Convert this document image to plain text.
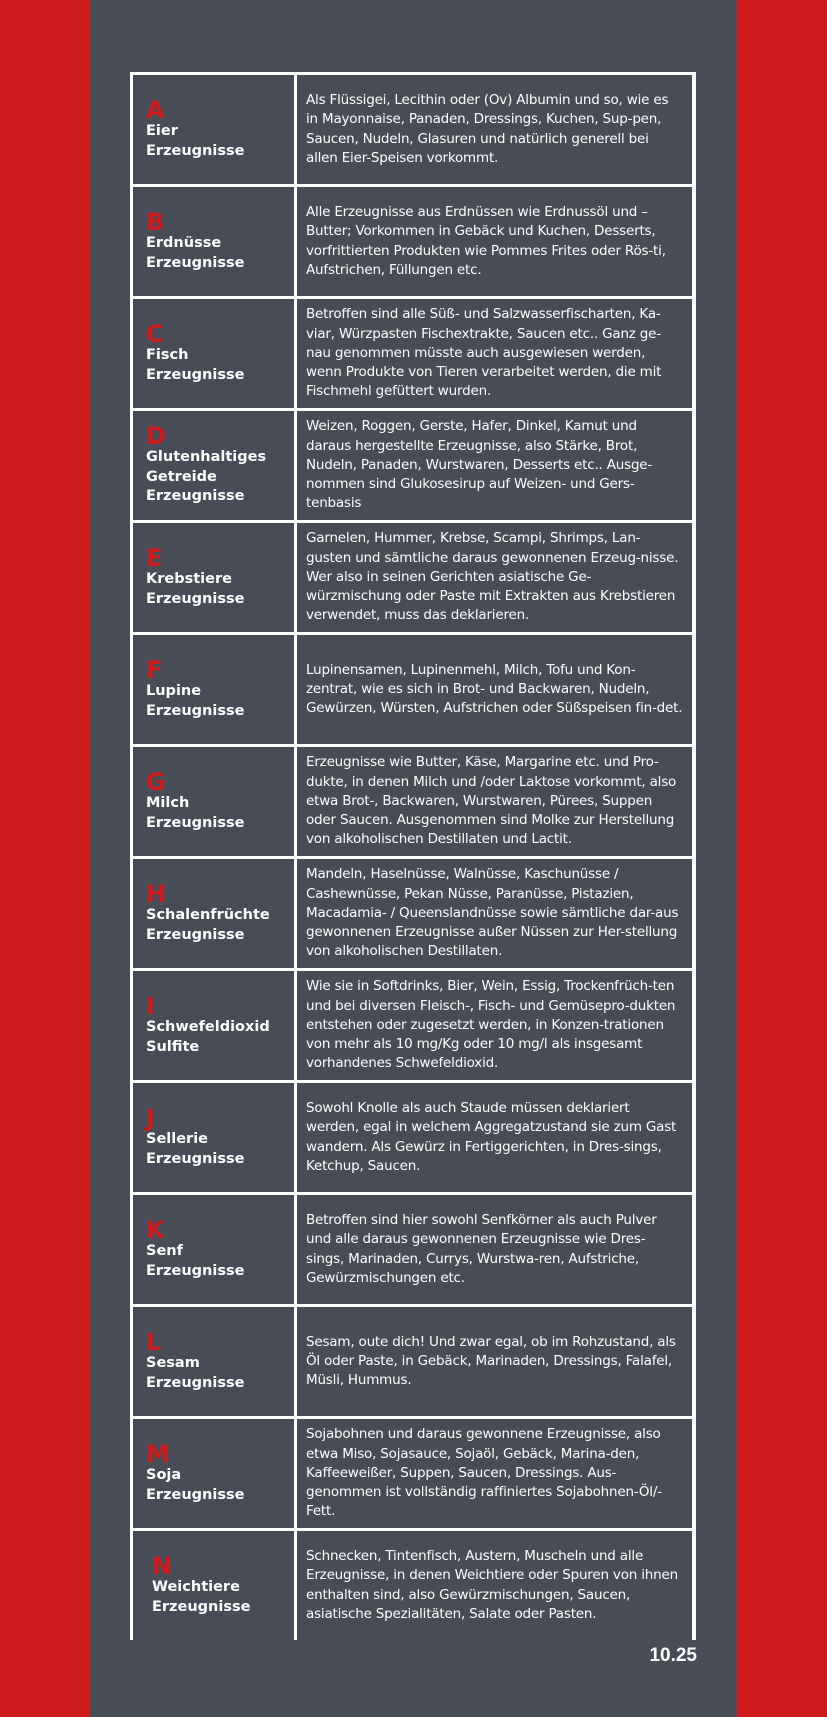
A
Eier
Erzeugnisse
Als Flüssigei, Lecithin oder (Ov) Albumin und so, wie es in Mayonnaise, Panaden, Dressings, Kuchen, Sup-pen, Saucen, Nudeln, Glasuren und natürlich generell bei allen Eier-Speisen vorkommt.
B
Erdnüsse
Erzeugnisse
Alle Erzeugnisse aus Erdnüssen wie Erdnussöl und –Butter; Vorkommen in Gebäck und Kuchen, Desserts, vorfrittierten Produkten wie Pommes Frites oder Rös-ti, Aufstrichen, Füllungen etc.
C
Fisch
Erzeugnisse
Betroffen sind alle Süß- und Salzwasserfischarten, Ka-viar, Würzpasten Fischextrakte, Saucen etc.. Ganz ge-nau genommen müsste auch ausgewiesen werden, wenn Produkte von Tieren verarbeitet werden, die mit Fischmehl gefüttert wurden.
D
Glutenhaltiges
Getreide
Erzeugnisse
Weizen, Roggen, Gerste, Hafer, Dinkel, Kamut und daraus hergestellte Erzeugnisse, also Stärke, Brot, Nudeln, Panaden, Wurstwaren, Desserts etc.. Ausge-nommen sind Glukosesirup auf Weizen- und Gers-tenbasis
E
Krebstiere
Erzeugnisse
Garnelen, Hummer, Krebse, Scampi, Shrimps, Lan-gusten und sämtliche daraus gewonnenen Erzeug-nisse. Wer also in seinen Gerichten asiatische Ge-würzmischung oder Paste mit Extrakten aus Krebstieren verwendet, muss das deklarieren.
F
Lupine
Erzeugnisse
Lupinensamen, Lupinenmehl, Milch, Tofu und Kon-zentrat, wie es sich in Brot- und Backwaren, Nudeln, Gewürzen, Würsten, Aufstrichen oder Süßspeisen fin-det.
G
Milch
Erzeugnisse
Erzeugnisse wie Butter, Käse, Margarine etc. und Pro-dukte, in denen Milch und /oder Laktose vorkommt, also etwa Brot-, Backwaren, Wurstwaren, Pürees, Suppen oder Saucen. Ausgenommen sind Molke zur Herstellung von alkoholischen Destillaten und Lactit.
H
Schalenfrüchte
Erzeugnisse
Mandeln, Haselnüsse, Walnüsse, Kaschunüsse / Cashewnüsse, Pekan Nüsse, Paranüsse, Pistazien, Macadamia- / Queenslandnüsse sowie sämtliche dar-aus gewonnenen Erzeugnisse außer Nüssen zur Her-stellung von alkoholischen Destillaten.
I
Schwefeldioxid
Sulfite
Wie sie in Softdrinks, Bier, Wein, Essig, Trockenfrüch-ten und bei diversen Fleisch-, Fisch- und Gemüsepro-dukten entstehen oder zugesetzt werden, in Konzen-trationen von mehr als 10 mg/Kg oder 10 mg/l als insgesamt vorhandenes Schwefeldioxid.
J
Sellerie
Erzeugnisse
Sowohl Knolle als auch Staude müssen deklariert werden, egal in welchem Aggregatzustand sie zum Gast wandern. Als Gewürz in Fertiggerichten, in Dres-sings, Ketchup, Saucen.
K
Senf
Erzeugnisse
Betroffen sind hier sowohl Senfkörner als auch Pulver und alle daraus gewonnenen Erzeugnisse wie Dres-sings, Marinaden, Currys, Wurstwa-ren, Aufstriche, Gewürzmischungen etc.
L
Sesam
Erzeugnisse
Sesam, oute dich! Und zwar egal, ob im Rohzustand, als Öl oder Paste, in Gebäck, Marinaden, Dressings, Falafel, Müsli, Hummus.
M
Soja
Erzeugnisse
Sojabohnen und daraus gewonnene Erzeugnisse, also etwa Miso, Sojasauce, Sojaöl, Gebäck, Marina-den, Kaffeeweißer, Suppen, Saucen, Dressings. Aus-genommen ist vollständig raffiniertes Sojabohnen-Öl/-Fett.
N
Weichtiere
Erzeugnisse
Schnecken, Tintenfisch, Austern, Muscheln und alle Erzeugnisse, in denen Weichtiere oder Spuren von ihnen enthalten sind, also Gewürzmischungen, Saucen, asiatische Spezialitäten, Salate oder Pasten.
10.25
